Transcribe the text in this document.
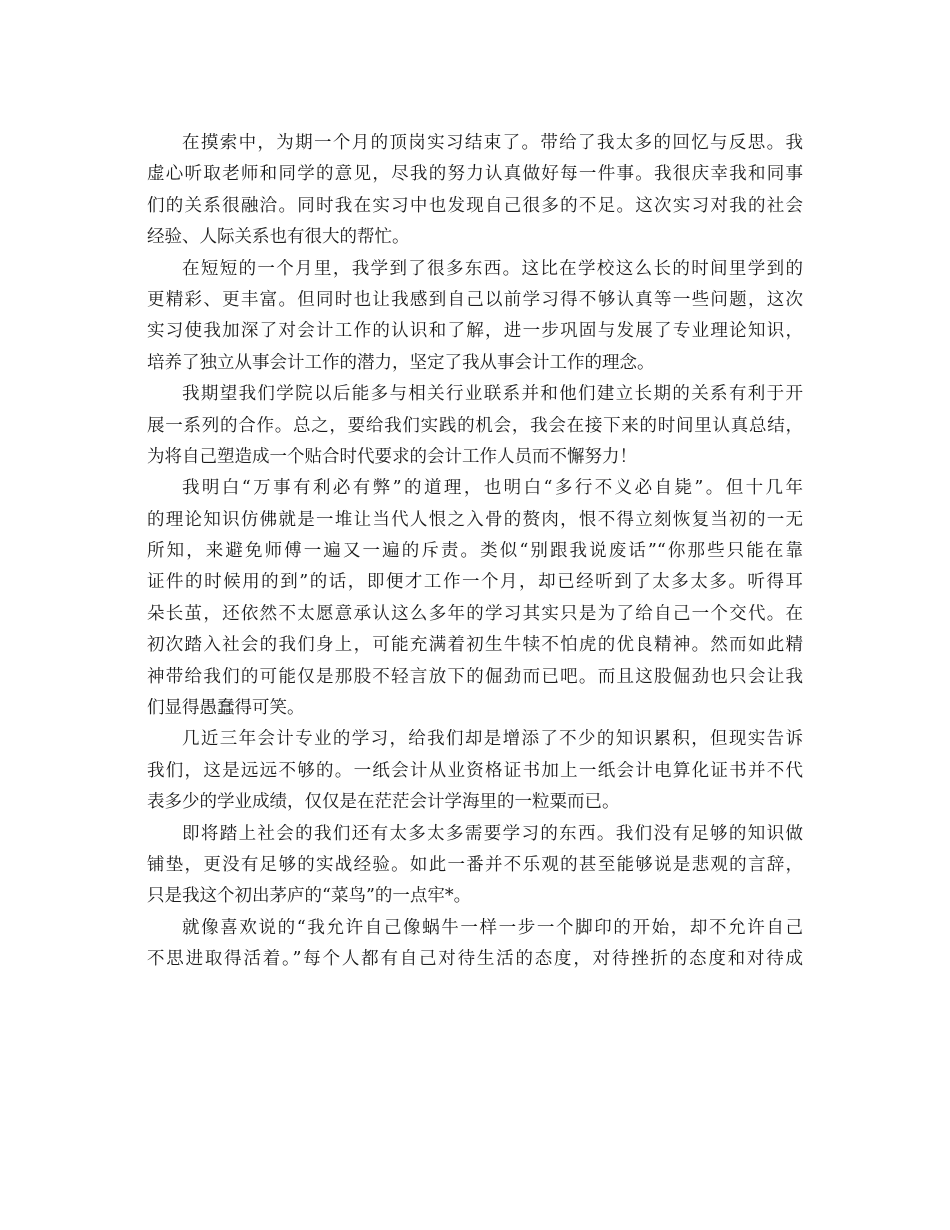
在摸索中，为期一个月的顶岗实习结束了。带给了我太多的回忆与反思。我
虚心听取老师和同学的意见，尽我的努力认真做好每一件事。我很庆幸我和同事
们的关系很融洽。同时我在实习中也发现自己很多的不足。这次实习对我的社会
经验、人际关系也有很大的帮忙。
在短短的一个月里，我学到了很多东西。这比在学校这么长的时间里学到的
更精彩、更丰富。但同时也让我感到自己以前学习得不够认真等一些问题，这次
实习使我加深了对会计工作的认识和了解，进一步巩固与发展了专业理论知识，
培养了独立从事会计工作的潜力，坚定了我从事会计工作的理念。
我期望我们学院以后能多与相关行业联系并和他们建立长期的关系有利于开
展一系列的合作。总之，要给我们实践的机会，我会在接下来的时间里认真总结，
为将自己塑造成一个贴合时代要求的会计工作人员而不懈努力！
我明白“万事有利必有弊”的道理，也明白“多行不义必自毙”。但十几年
的理论知识仿佛就是一堆让当代人恨之入骨的赘肉，恨不得立刻恢复当初的一无
所知，来避免师傅一遍又一遍的斥责。类似“别跟我说废话”“你那些只能在靠
证件的时候用的到”的话，即便才工作一个月，却已经听到了太多太多。听得耳
朵长茧，还依然不太愿意承认这么多年的学习其实只是为了给自己一个交代。在
初次踏入社会的我们身上，可能充满着初生牛犊不怕虎的优良精神。然而如此精
神带给我们的可能仅是那股不轻言放下的倔劲而已吧。而且这股倔劲也只会让我
们显得愚蠢得可笑。
几近三年会计专业的学习，给我们却是增添了不少的知识累积，但现实告诉
我们，这是远远不够的。一纸会计从业资格证书加上一纸会计电算化证书并不代
表多少的学业成绩，仅仅是在茫茫会计学海里的一粒粟而已。
即将踏上社会的我们还有太多太多需要学习的东西。我们没有足够的知识做
铺垫，更没有足够的实战经验。如此一番并不乐观的甚至能够说是悲观的言辞，
只是我这个初出茅庐的“菜鸟”的一点牢*。
就像喜欢说的“我允许自己像蜗牛一样一步一个脚印的开始，却不允许自己
不思进取得活着。”每个人都有自己对待生活的态度，对待挫折的态度和对待成
